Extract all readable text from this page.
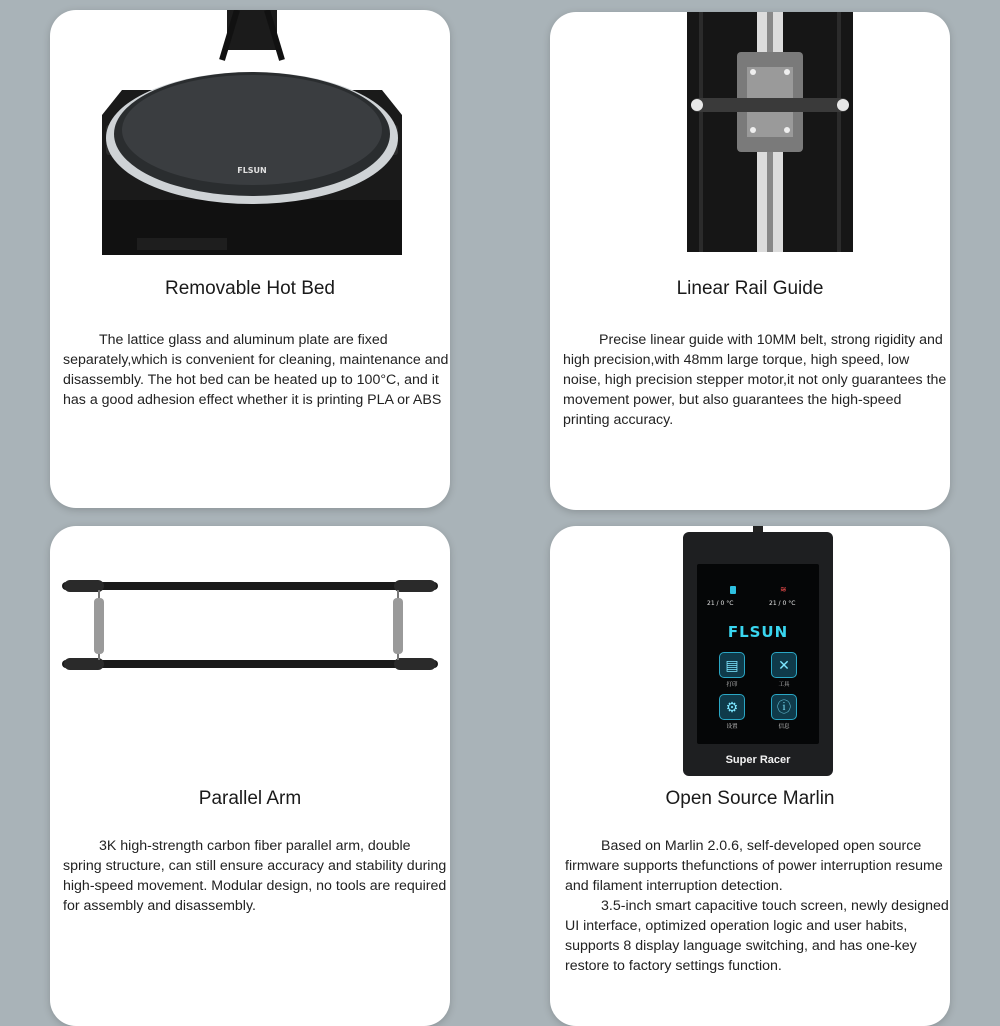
FLSUN
Removable Hot Bed

The lattice glass and aluminum plate are fixed separately,which is convenient for cleaning, maintenance and disassembly. The hot bed can be heated up to 100°C, and it has a good adhesion effect whether it is printing PLA or ABS

Linear Rail Guide

Precise linear guide with 10MM belt, strong rigidity and high precision,with 48mm large torque, high speed, low noise, high precision stepper motor,it not only guarantees the movement power, but also guarantees the high-speed printing accuracy.

Parallel Arm

3K high-strength carbon fiber parallel arm, double spring structure, can still ensure accuracy and stability during high-speed movement. Modular design, no tools are required for assembly and disassembly.

21 / 0 °C	21 / 0 °C
≋
FLSUN
▤	✕
⚙	ⓘ
打印	工具
设置	信息
Super Racer
Open Source Marlin

Based on Marlin 2.0.6, self-developed open source firmware supports thefunctions of power interruption resume and filament interruption detection.

3.5-inch smart capacitive touch screen, newly designed UI interface, optimized operation logic and user habits, supports 8 display language switching, and has one-key restore to factory settings function.
